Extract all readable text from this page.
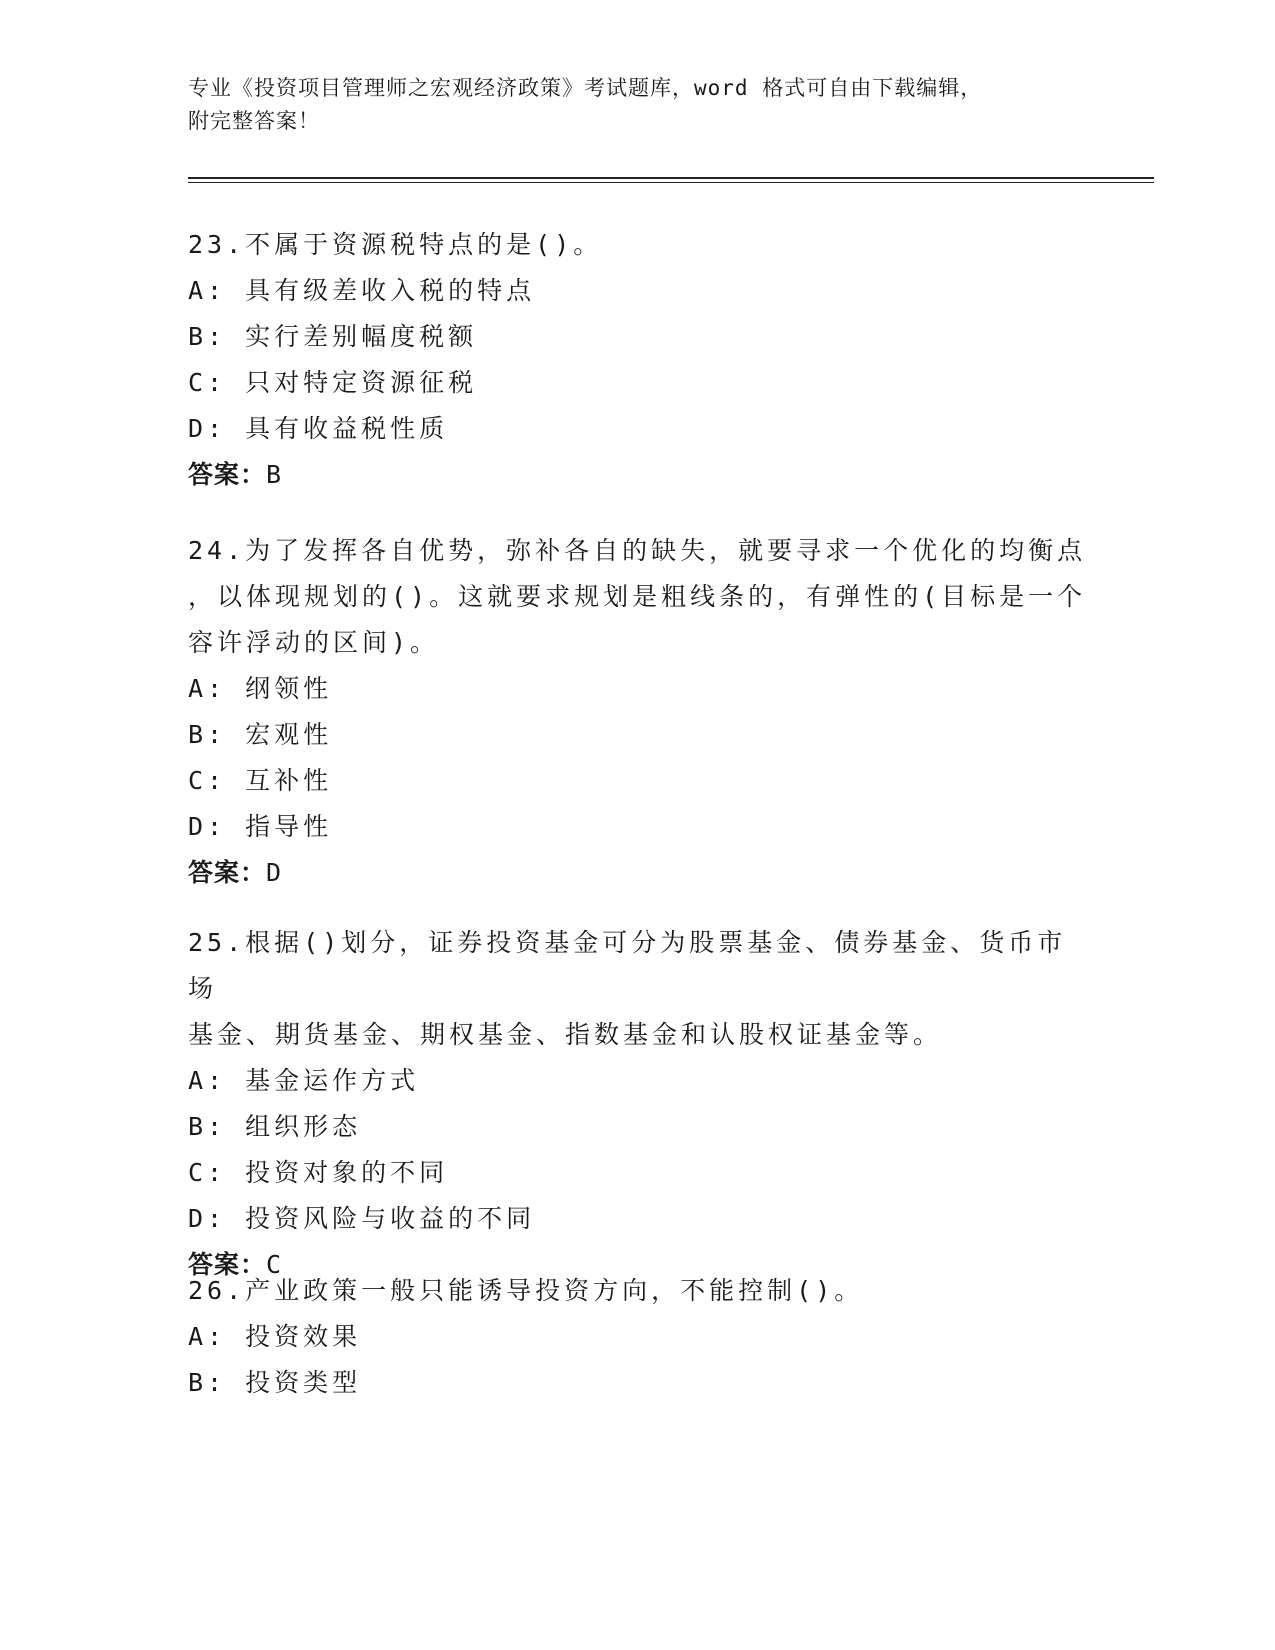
专业《投资项目管理师之宏观经济政策》考试题库，word 格式可自由下载编辑，
附完整答案！
23.不属于资源税特点的是()。
A: 具有级差收入税的特点
B: 实行差别幅度税额
C: 只对特定资源征税
D: 具有收益税性质
答案：B
24.为了发挥各自优势，弥补各自的缺失，就要寻求一个优化的均衡点
，以体现规划的()。这就要求规划是粗线条的，有弹性的(目标是一个
容许浮动的区间)。
A: 纲领性
B: 宏观性
C: 互补性
D: 指导性
答案：D
25.根据()划分，证券投资基金可分为股票基金、债券基金、货币市场
基金、期货基金、期权基金、指数基金和认股权证基金等。
A: 基金运作方式
B: 组织形态
C: 投资对象的不同
D: 投资风险与收益的不同
答案：C
26.产业政策一般只能诱导投资方向，不能控制()。
A: 投资效果
B: 投资类型
